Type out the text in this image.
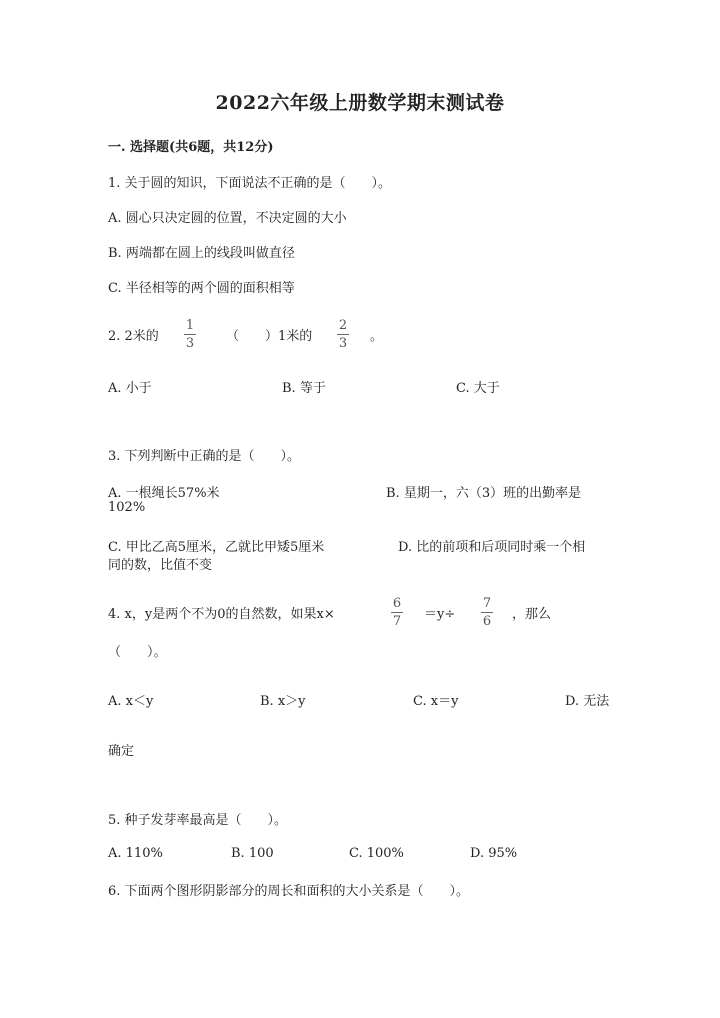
2022六年级上册数学期末测试卷
一. 选择题(共6题，共12分)
1. 关于圆的知识，下面说法不正确的是（　　）。
A. 圆心只决定圆的位置，不决定圆的大小
B. 两端都在圆上的线段叫做直径
C. 半径相等的两个圆的面积相等
2. 2米的
1
3 （　　）1米的
2
3 。
A. 小于	B. 等于	C. 大于
3. 下列判断中正确的是（　　）。
A. 一根绳长57%米	B. 星期一，六（3）班的出勤率是
102%
C. 甲比乙高5厘米，乙就比甲矮5厘米	D. 比的前项和后项同时乘一个相
同的数，比值不变
4. x，y是两个不为0的自然数，如果x×
6
7 ＝y÷
7
6 ，那么
（　　）。
A. x＜y	B. x＞y	C. x＝y	D. 无法
确定
5. 种子发芽率最高是（　　）。
A. 110%	B. 100	C. 100%	D. 95%
6. 下面两个图形阴影部分的周长和面积的大小关系是（　　）。
